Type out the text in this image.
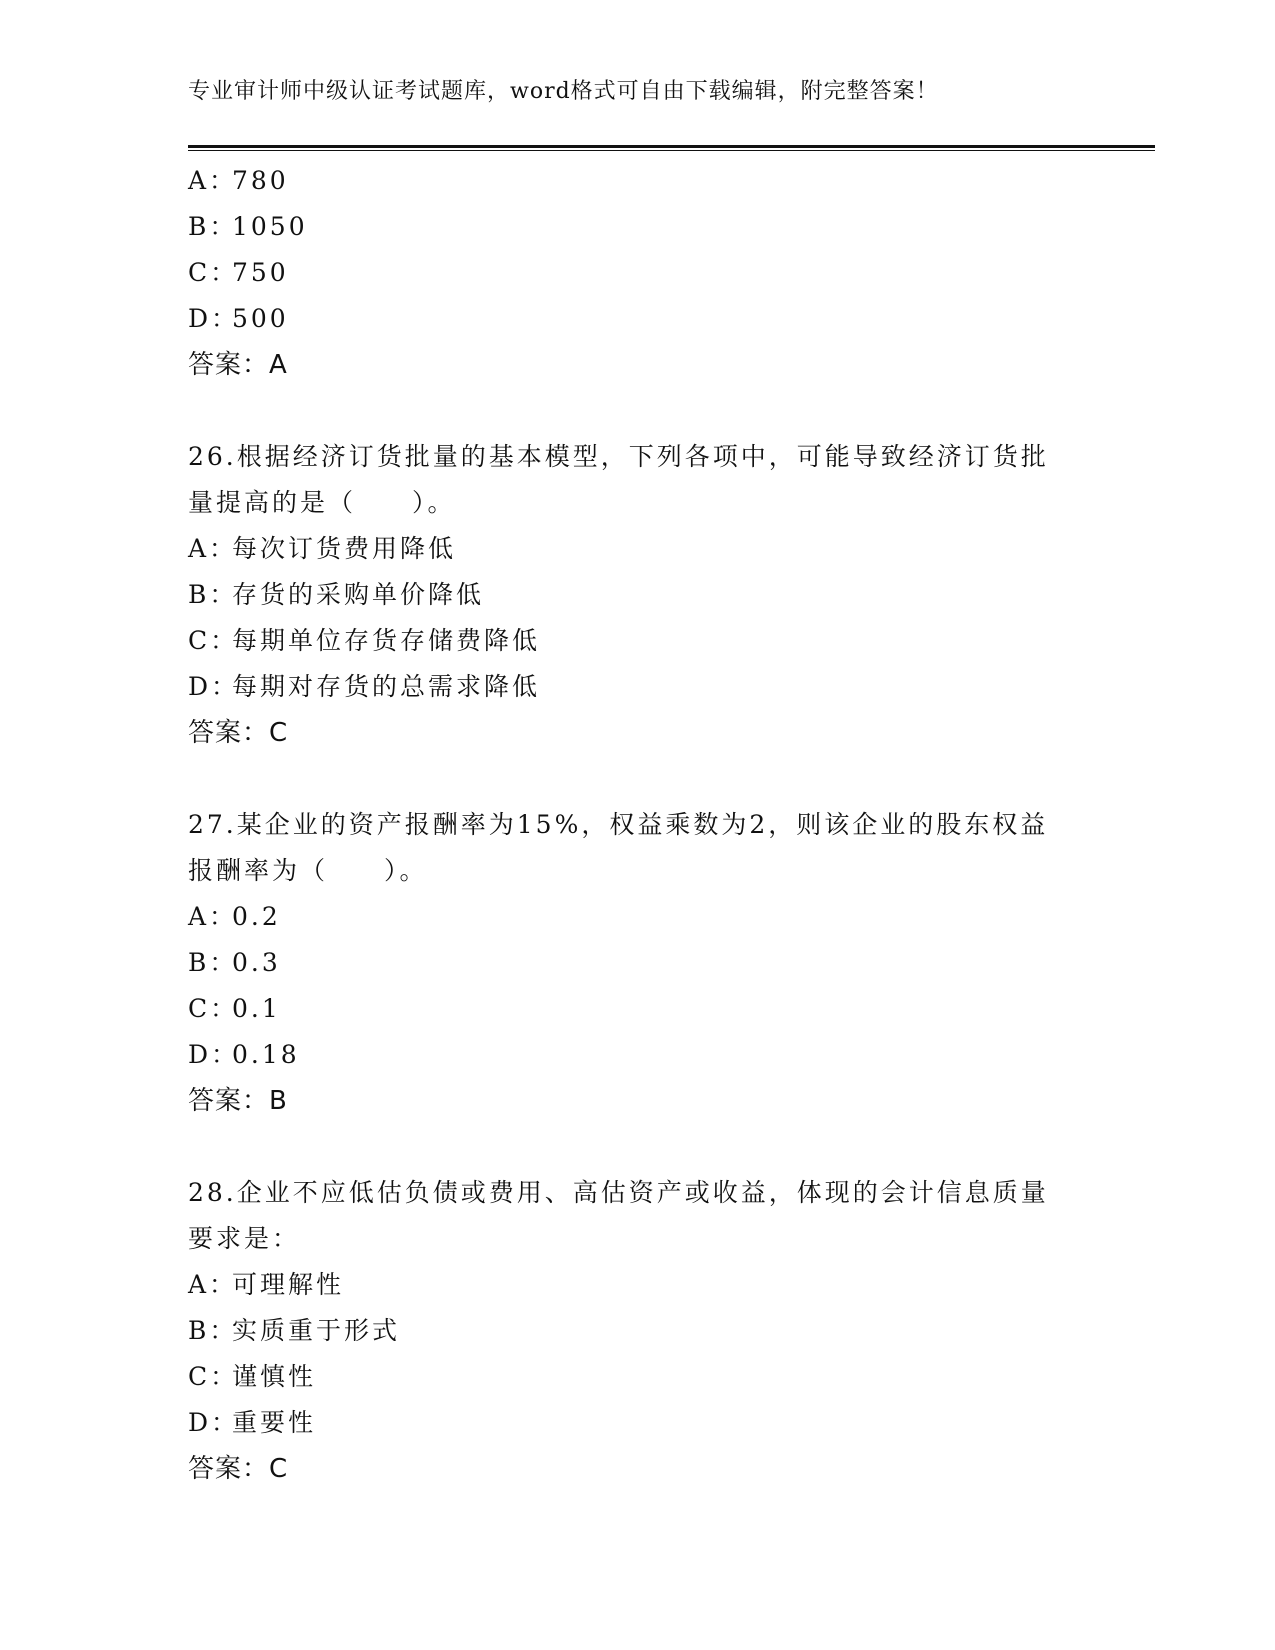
专业审计师中级认证考试题库，word格式可自由下载编辑，附完整答案！
A：780
B：1050
C：750
D：500
答案：A
26.根据经济订货批量的基本模型，下列各项中，可能导致经济订货批
量提高的是（　　）。
A：每次订货费用降低
B：存货的采购单价降低
C：每期单位存货存储费降低
D：每期对存货的总需求降低
答案：C
27.某企业的资产报酬率为15%，权益乘数为2，则该企业的股东权益
报酬率为（　　）。
A：0.2
B：0.3
C：0.1
D：0.18
答案：B
28.企业不应低估负债或费用、高估资产或收益，体现的会计信息质量
要求是：
A：可理解性
B：实质重于形式
C：谨慎性
D：重要性
答案：C
